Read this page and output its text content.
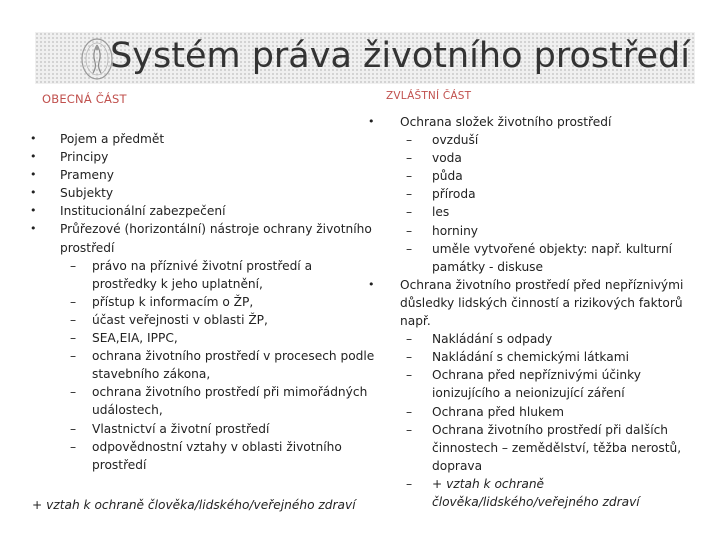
Systém práva životního prostředí
OBECNÁ ČÁST	ZVLÁŠTNÍ ČÁST
• Pojem a předmět
• Principy
• Prameny
• Subjekty
• Institucionální zabezpečení
• Průřezové (horizontální) nástroje ochrany životního prostředí
– právo na příznivé životní prostředí a prostředky k jeho uplatnění,
– přístup k informacím o ŽP,
– účast veřejnosti v oblasti ŽP,
– SEA,EIA, IPPC,
– ochrana životního prostředí v procesech podle stavebního zákona,
– ochrana životního prostředí při mimořádných událostech,
– Vlastnictví a životní prostředí
– odpovědnostní vztahy v oblasti životního prostředí
+ vztah k ochraně člověka/lidského/veřejného zdraví
• Ochrana složek životního prostředí
– ovzduší
– voda
– půda
– příroda
– les
– horniny
– uměle vytvořené objekty: např. kulturní památky - diskuse
• Ochrana životního prostředí před nepříznivými důsledky lidských činností a rizikových faktorů např.
– Nakládání s odpady
– Nakládání s chemickými látkami
– Ochrana před nepříznivými účinky ionizujícího a neionizující záření
– Ochrana před hlukem
– Ochrana životního prostředí při dalších činnostech – zemědělství, těžba nerostů, doprava
– + vztah k ochraně člověka/lidského/veřejného zdraví
